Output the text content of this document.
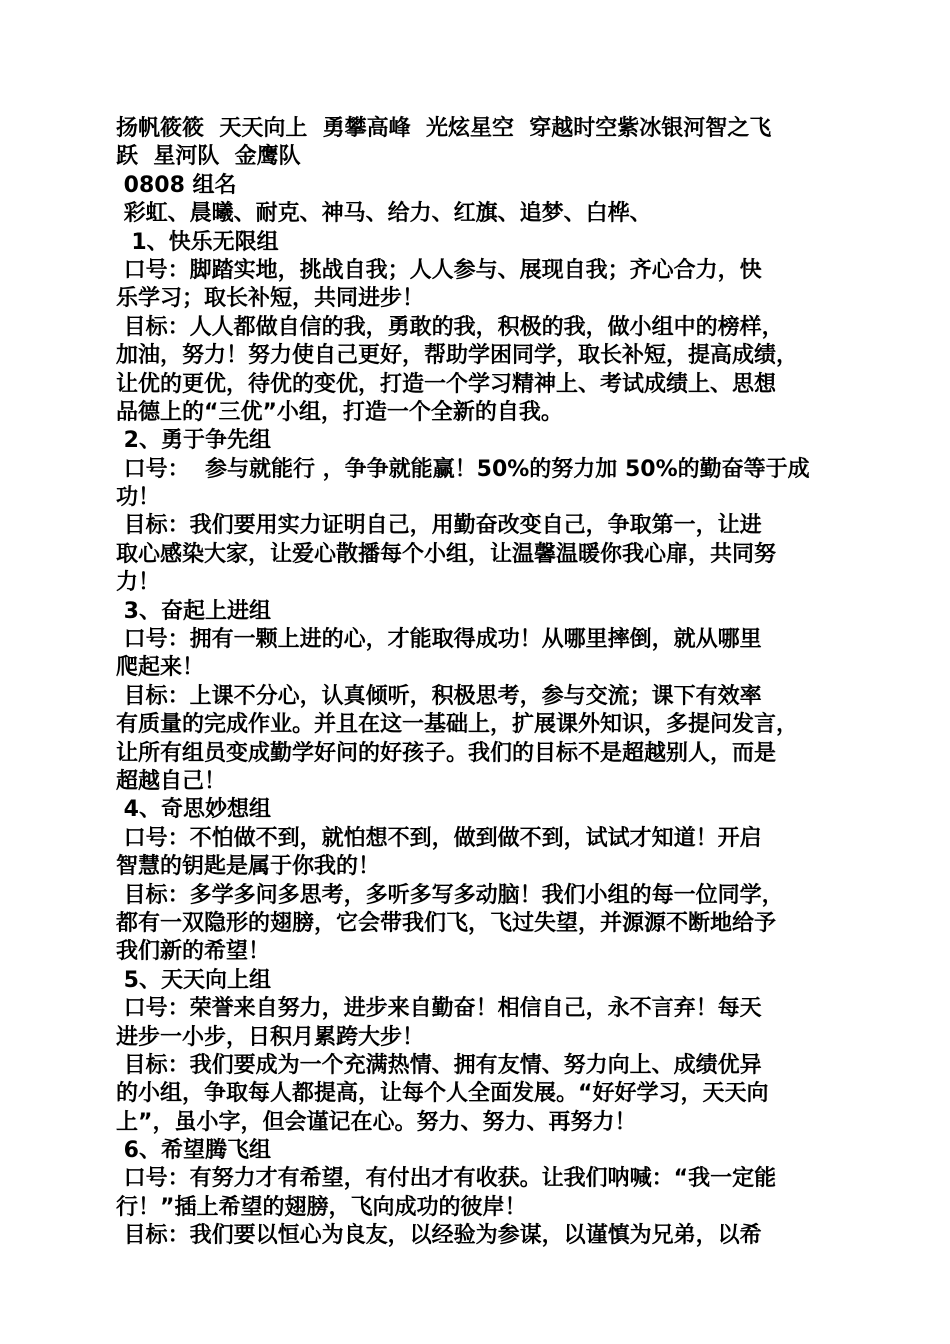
扬帆筱筱  天天向上  勇攀高峰  光炫星空  穿越时空紫冰银河智之飞
跃  星河队  金鹰队
0808 组名
彩虹、晨曦、耐克、神马、给力、红旗、追梦、白桦、
1、快乐无限组
口号：脚踏实地，挑战自我；人人参与、展现自我；齐心合力，快
乐学习；取长补短，共同进步！
目标：人人都做自信的我，勇敢的我，积极的我，做小组中的榜样，
加油，努力！努力使自己更好，帮助学困同学，取长补短，提高成绩，
让优的更优，待优的变优，打造一个学习精神上、考试成绩上、思想
品德上的“三优”小组，打造一个全新的自我。
2、勇于争先组
口号：  参与就能行 ，争争就能赢！50%的努力加 50%的勤奋等于成
功！
目标：我们要用实力证明自己，用勤奋改变自己，争取第一，让进
取心感染大家，让爱心散播每个小组，让温馨温暖你我心扉，共同努
力！
3、奋起上进组
口号：拥有一颗上进的心，才能取得成功！从哪里摔倒，就从哪里
爬起来！
目标：上课不分心，认真倾听，积极思考，参与交流；课下有效率
有质量的完成作业。并且在这一基础上，扩展课外知识，多提问发言，
让所有组员变成勤学好问的好孩子。我们的目标不是超越别人，而是
超越自己！
4、奇思妙想组
口号：不怕做不到，就怕想不到，做到做不到，试试才知道！开启
智慧的钥匙是属于你我的！
目标：多学多问多思考，多听多写多动脑！我们小组的每一位同学，
都有一双隐形的翅膀，它会带我们飞，飞过失望，并源源不断地给予
我们新的希望！
5、天天向上组
口号：荣誉来自努力，进步来自勤奋！相信自己，永不言弃！每天
进步一小步，日积月累跨大步！
目标：我们要成为一个充满热情、拥有友情、努力向上、成绩优异
的小组，争取每人都提高，让每个人全面发展。“好好学习，天天向
上”，虽小字，但会谨记在心。努力、努力、再努力！
6、希望腾飞组
口号：有努力才有希望，有付出才有收获。让我们呐喊：“我一定能
行！”插上希望的翅膀，飞向成功的彼岸！
目标：我们要以恒心为良友，以经验为参谋，以谨慎为兄弟，以希
